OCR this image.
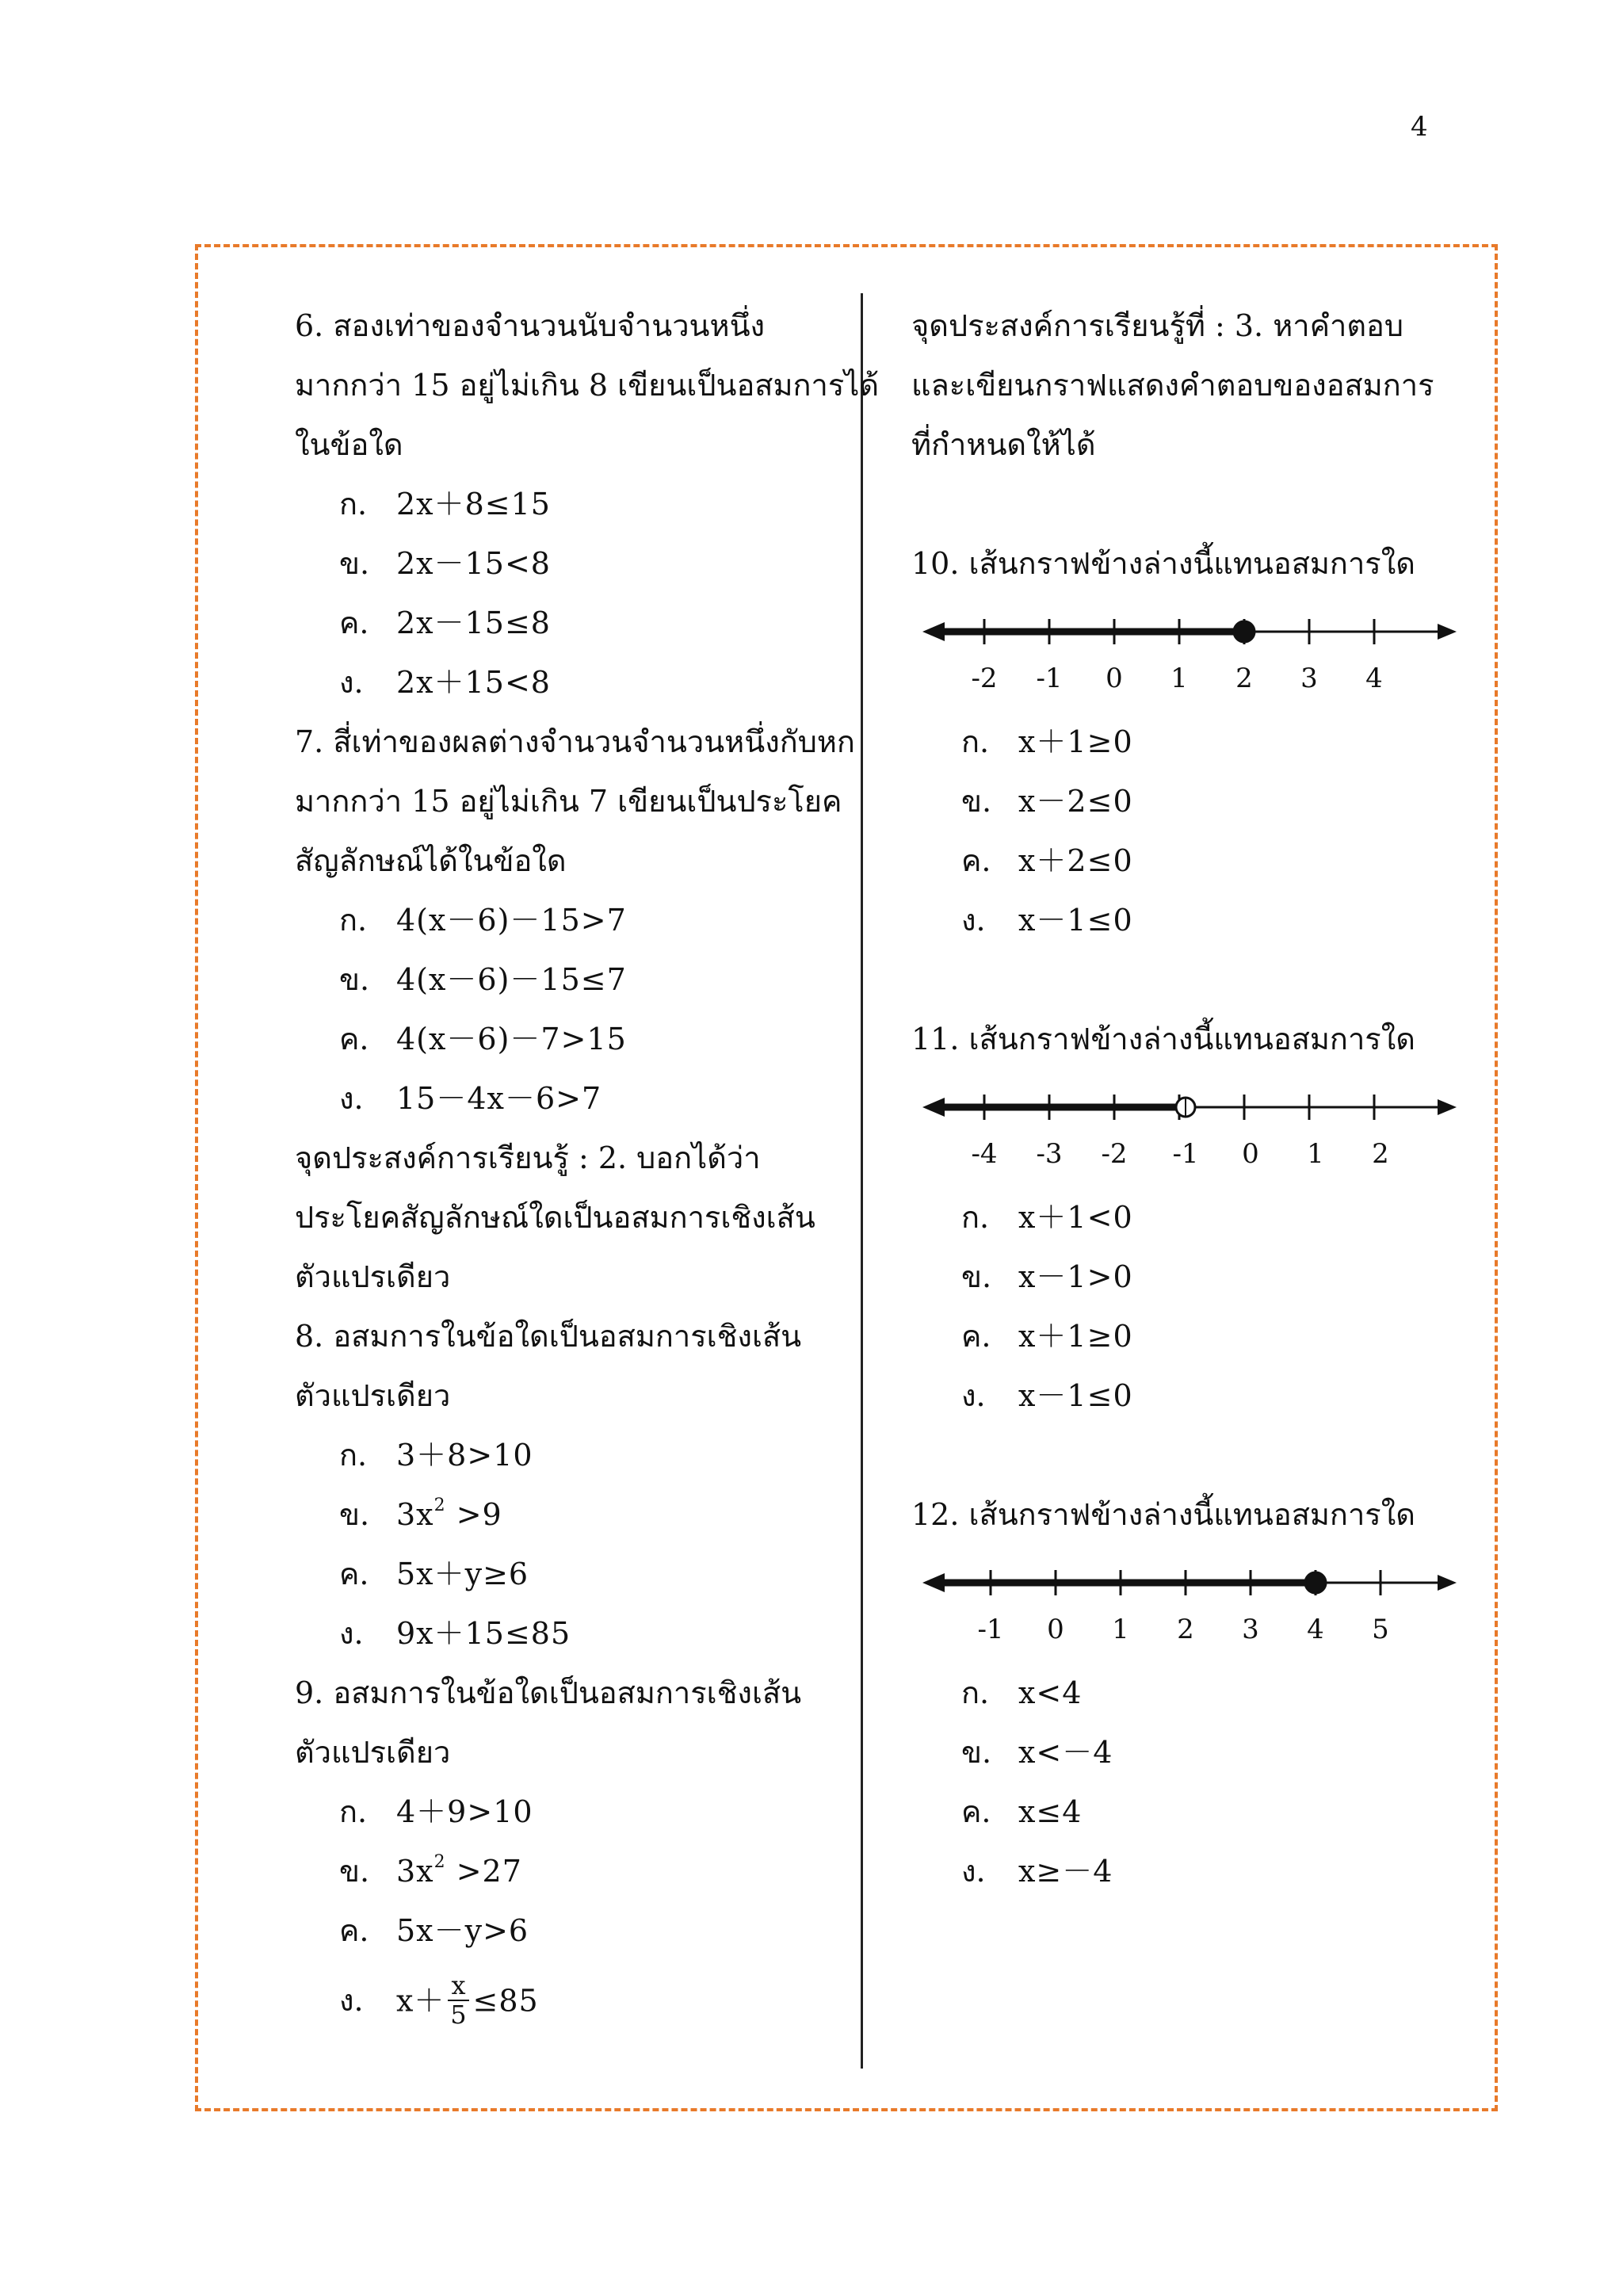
4
6. สองเท่าของจำนวนนับจำนวนหนึ่ง
มากกว่า 15 อยู่ไม่เกิน 8 เขียนเป็นอสมการได้
ในข้อใด
ก. 2x＋8≤15
ข. 2x－15<8
ค. 2x－15≤8
ง. 2x＋15<8
7. สี่เท่าของผลต่างจำนวนจำนวนหนึ่งกับหก
มากกว่า 15 อยู่ไม่เกิน 7 เขียนเป็นประโยค
สัญลักษณ์ได้ในข้อใด
ก. 4(x－6)－15>7
ข. 4(x－6)－15≤7
ค. 4(x－6)－7>15
ง. 15－4x－6>7
จุดประสงค์การเรียนรู้ : 2. บอกได้ว่า
ประโยคสัญลักษณ์ใดเป็นอสมการเชิงเส้น
ตัวแปรเดียว
8. อสมการในข้อใดเป็นอสมการเชิงเส้น
ตัวแปรเดียว
ก. 3＋8>10
ข. $3x^2 >9$
ค. 5x＋y≥6
ง. 9x＋15≤85
9. อสมการในข้อใดเป็นอสมการเชิงเส้น
ตัวแปรเดียว
ก. 4＋9>10
ข. $3x^2 >27$
ค. 5x－y>6
ง. $x+ \frac{x}{5} \le 85$
จุดประสงค์การเรียนรู้ที่ : 3. หาคำตอบ
และเขียนกราฟแสดงคำตอบของอสมการ
ที่กำหนดให้ได้
10. เส้นกราฟข้างล่างนี้แทนอสมการใด
-2 -1 0 1 2 3 4
ก. x＋1≥0
ข. x－2≤0
ค. x＋2≤0
ง. x－1≤0
11. เส้นกราฟข้างล่างนี้แทนอสมการใด
-4 -3 -2 -1 0 1 2
ก. x＋1<0
ข. x－1>0
ค. x＋1≥0
ง. x－1≤0
12. เส้นกราฟข้างล่างนี้แทนอสมการใด
-1 0 1 2 3 4 5
ก. x<4
ข. x<－4
ค. x≤4
ง. x≥－4
